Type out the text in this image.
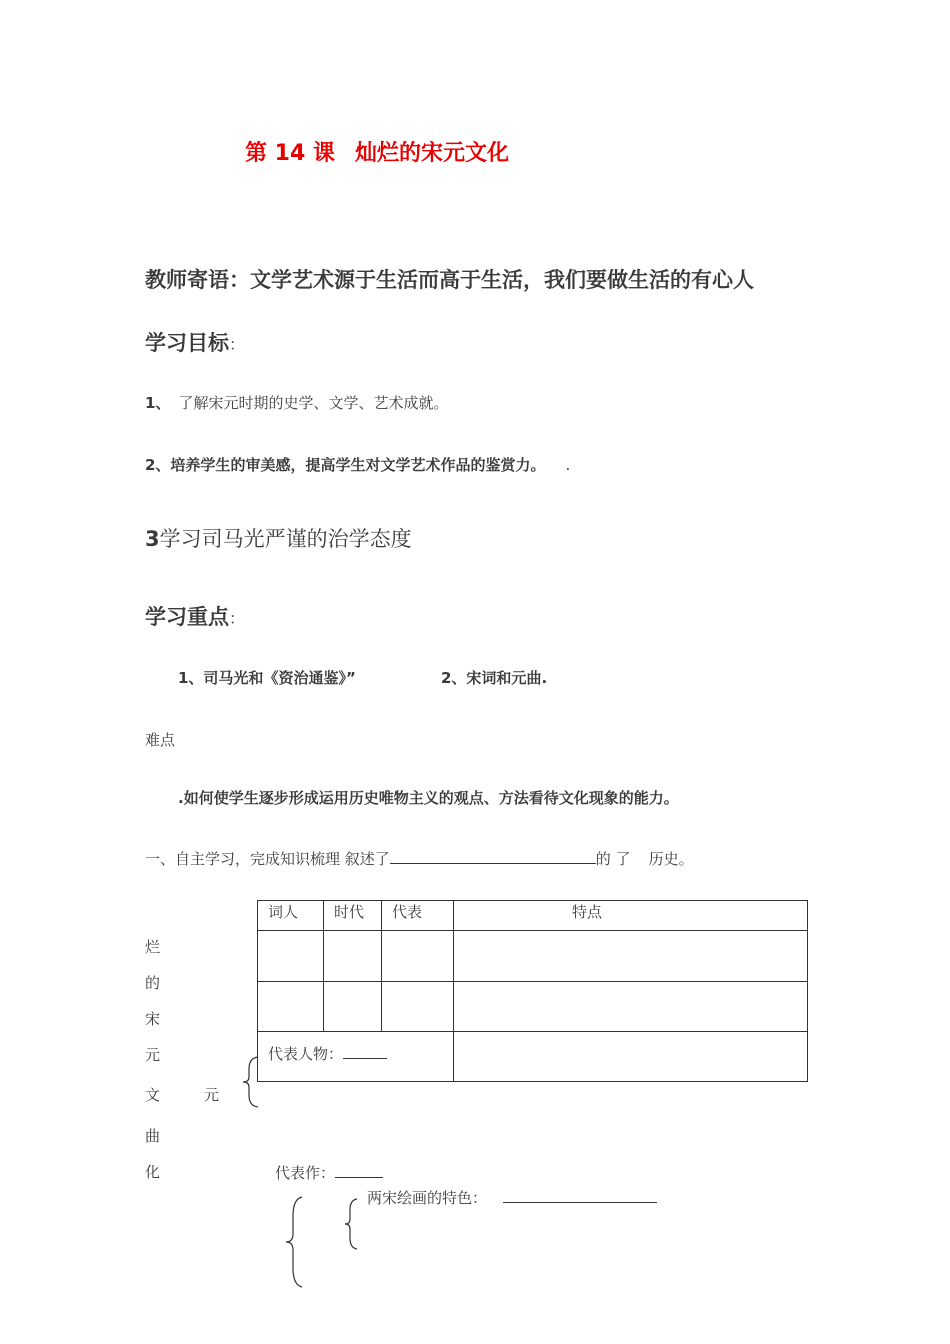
第 14 课 灿烂的宋元文化
教师寄语：文学艺术源于生活而高于生活，我们要做生活的有心人
学习目标：
1、 了解宋元时期的史学、文学、艺术成就。
2、培养学生的审美感，提高学生对文学艺术作品的鉴赏力。 .
3学习司马光严谨的治学态度
学习重点：
1、司马光和《资治通鉴》”	2、宋词和元曲.
难点
.如何使学生逐步形成运用历史唯物主义的观点、方法看待文化现象的能力。
一、自主学习，完成知识梳理 叙述了	的 了 历史。
词人	时代	代表	特点

代表人物：			
烂
的
宋
元
文
曲
化
元
代表作：
两宋绘画的特色：
